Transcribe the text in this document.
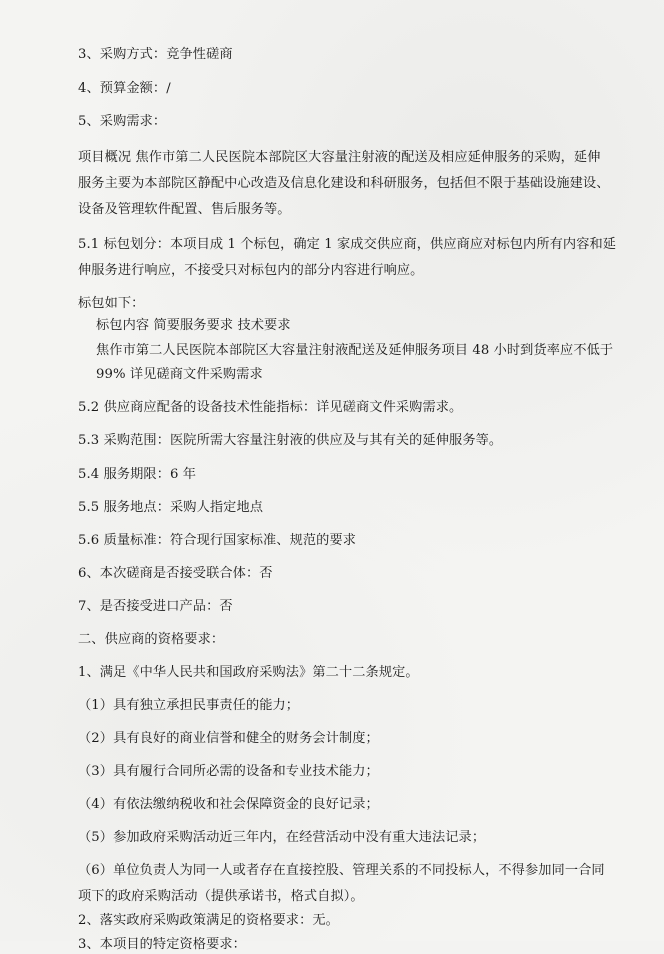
3、采购方式：竞争性磋商

4、预算金额：/

5、采购需求：

项目概况 焦作市第二人民医院本部院区大容量注射液的配送及相应延伸服务的采购，延伸

服务主要为本部院区静配中心改造及信息化建设和科研服务，包括但不限于基础设施建设、

设备及管理软件配置、售后服务等。

5.1 标包划分：本项目成 1 个标包，确定 1 家成交供应商，供应商应对标包内所有内容和延

伸服务进行响应，不接受只对标包内的部分内容进行响应。

标包如下：

标包内容 简要服务要求 技术要求

焦作市第二人民医院本部院区大容量注射液配送及延伸服务项目 48 小时到货率应不低于

99% 详见磋商文件采购需求

5.2 供应商应配备的设备技术性能指标：详见磋商文件采购需求。

5.3 采购范围：医院所需大容量注射液的供应及与其有关的延伸服务等。

5.4 服务期限：6 年

5.5 服务地点：采购人指定地点

5.6 质量标准：符合现行国家标准、规范的要求

6、本次磋商是否接受联合体：否

7、是否接受进口产品：否

二、供应商的资格要求：

1、满足《中华人民共和国政府采购法》第二十二条规定。

（1）具有独立承担民事责任的能力；

（2）具有良好的商业信誉和健全的财务会计制度；

（3）具有履行合同所必需的设备和专业技术能力；

（4）有依法缴纳税收和社会保障资金的良好记录；

（5）参加政府采购活动近三年内，在经营活动中没有重大违法记录；

（6）单位负责人为同一人或者存在直接控股、管理关系的不同投标人，不得参加同一合同

项下的政府采购活动（提供承诺书，格式自拟）。

2、落实政府采购政策满足的资格要求：无。

3、本项目的特定资格要求：
